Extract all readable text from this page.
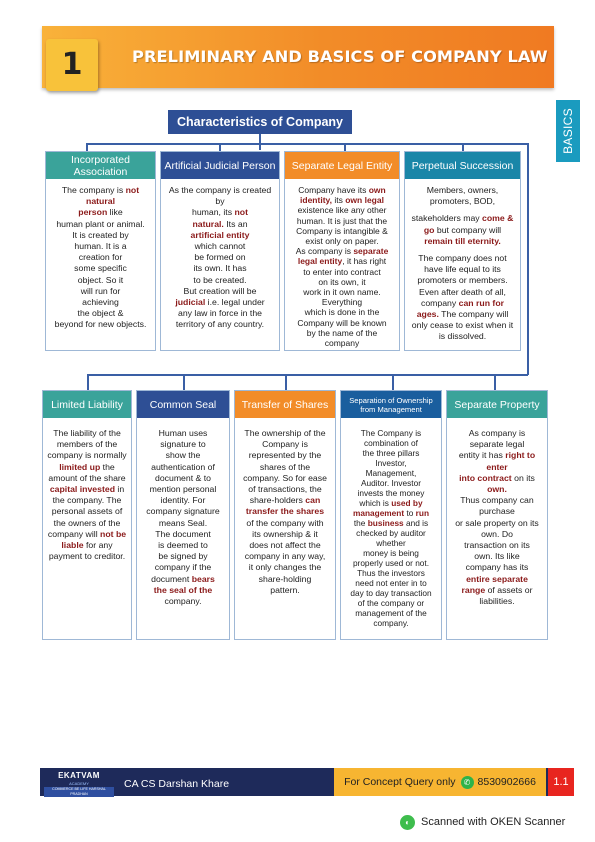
1	PRELIMINARY AND BASICS OF COMPANY LAW
BASICS
Characteristics of Company
Incorporated Association

The company is not natural

person like

human plant or animal.

It is created by

human. It is a

creation for

some specific

object. So it

will run for

achieving

the object &

beyond for new objects.

Artificial Judicial Person

As the company is created

by

human, its not

natural. Its an

artificial entity

which cannot

be formed on

its own. It has

to be created.

But creation will be

judicial i.e. legal under

any law in force in the

territory of any country.

Separate Legal Entity

Company have its own

identity, its own legal

existence like any other

human. It is just that the

Company is intangible &

exist only on paper.

As company is separate

legal entity, it has right

to enter into contract

on its own, it

work in it own name.

Everything

which is done in the

Company will be known

by the name of the

company

Perpetual Succession

Members, owners,

promoters, BOD,

stakeholders may come &

go but company will

remain till eternity.

The company does not

have life equal to its

promoters or members.

Even after death of all,

company can run for

ages. The company will

only cease to exist when it

is dissolved.

Limited Liability

The liability of the

members of the

company is normally

limited up the

amount of the share

capital invested in

the company. The

personal assets of

the owners of the

company will not be

liable for any

payment to creditor.

Common Seal

Human uses

signature to

show the

authentication of

document & to

mention personal

identity. For

company signature

means Seal.

The document

is deemed to

be signed by

company if the

document bears

the seal of the

company.

Transfer of Shares

The ownership of the

Company is

represented by the

shares of the

company. So for ease

of transactions, the

share-holders can

transfer the shares

of the company with

its ownership & it

does not affect the

company in any way,

it only changes the

share-holding

pattern.

Separation of Ownership from Management

The Company is

combination of

the three pillars

Investor,

Management,

Auditor. Investor

invests the money

which is used by

management to run

the business and is

checked by auditor

whether

money is being

properly used or not.

Thus the investors

need not enter in to

day to day transaction

of the company or

management of the

company.

Separate Property

As company is

separate legal

entity it has right to

enter

into contract on its

own.

Thus company can

purchase

or sale property on its

own. Do

transaction on its

own. Its like

company has its

entire separate

range of assets or

liabilities.

EKATVAM
ACADEMY
COMMERCE BE LIFE HARSHAL PRADHAN
CA CS Darshan Khare	For Concept Query only	✆ 8530902666	1.1
◐	Scanned with OKEN Scanner
